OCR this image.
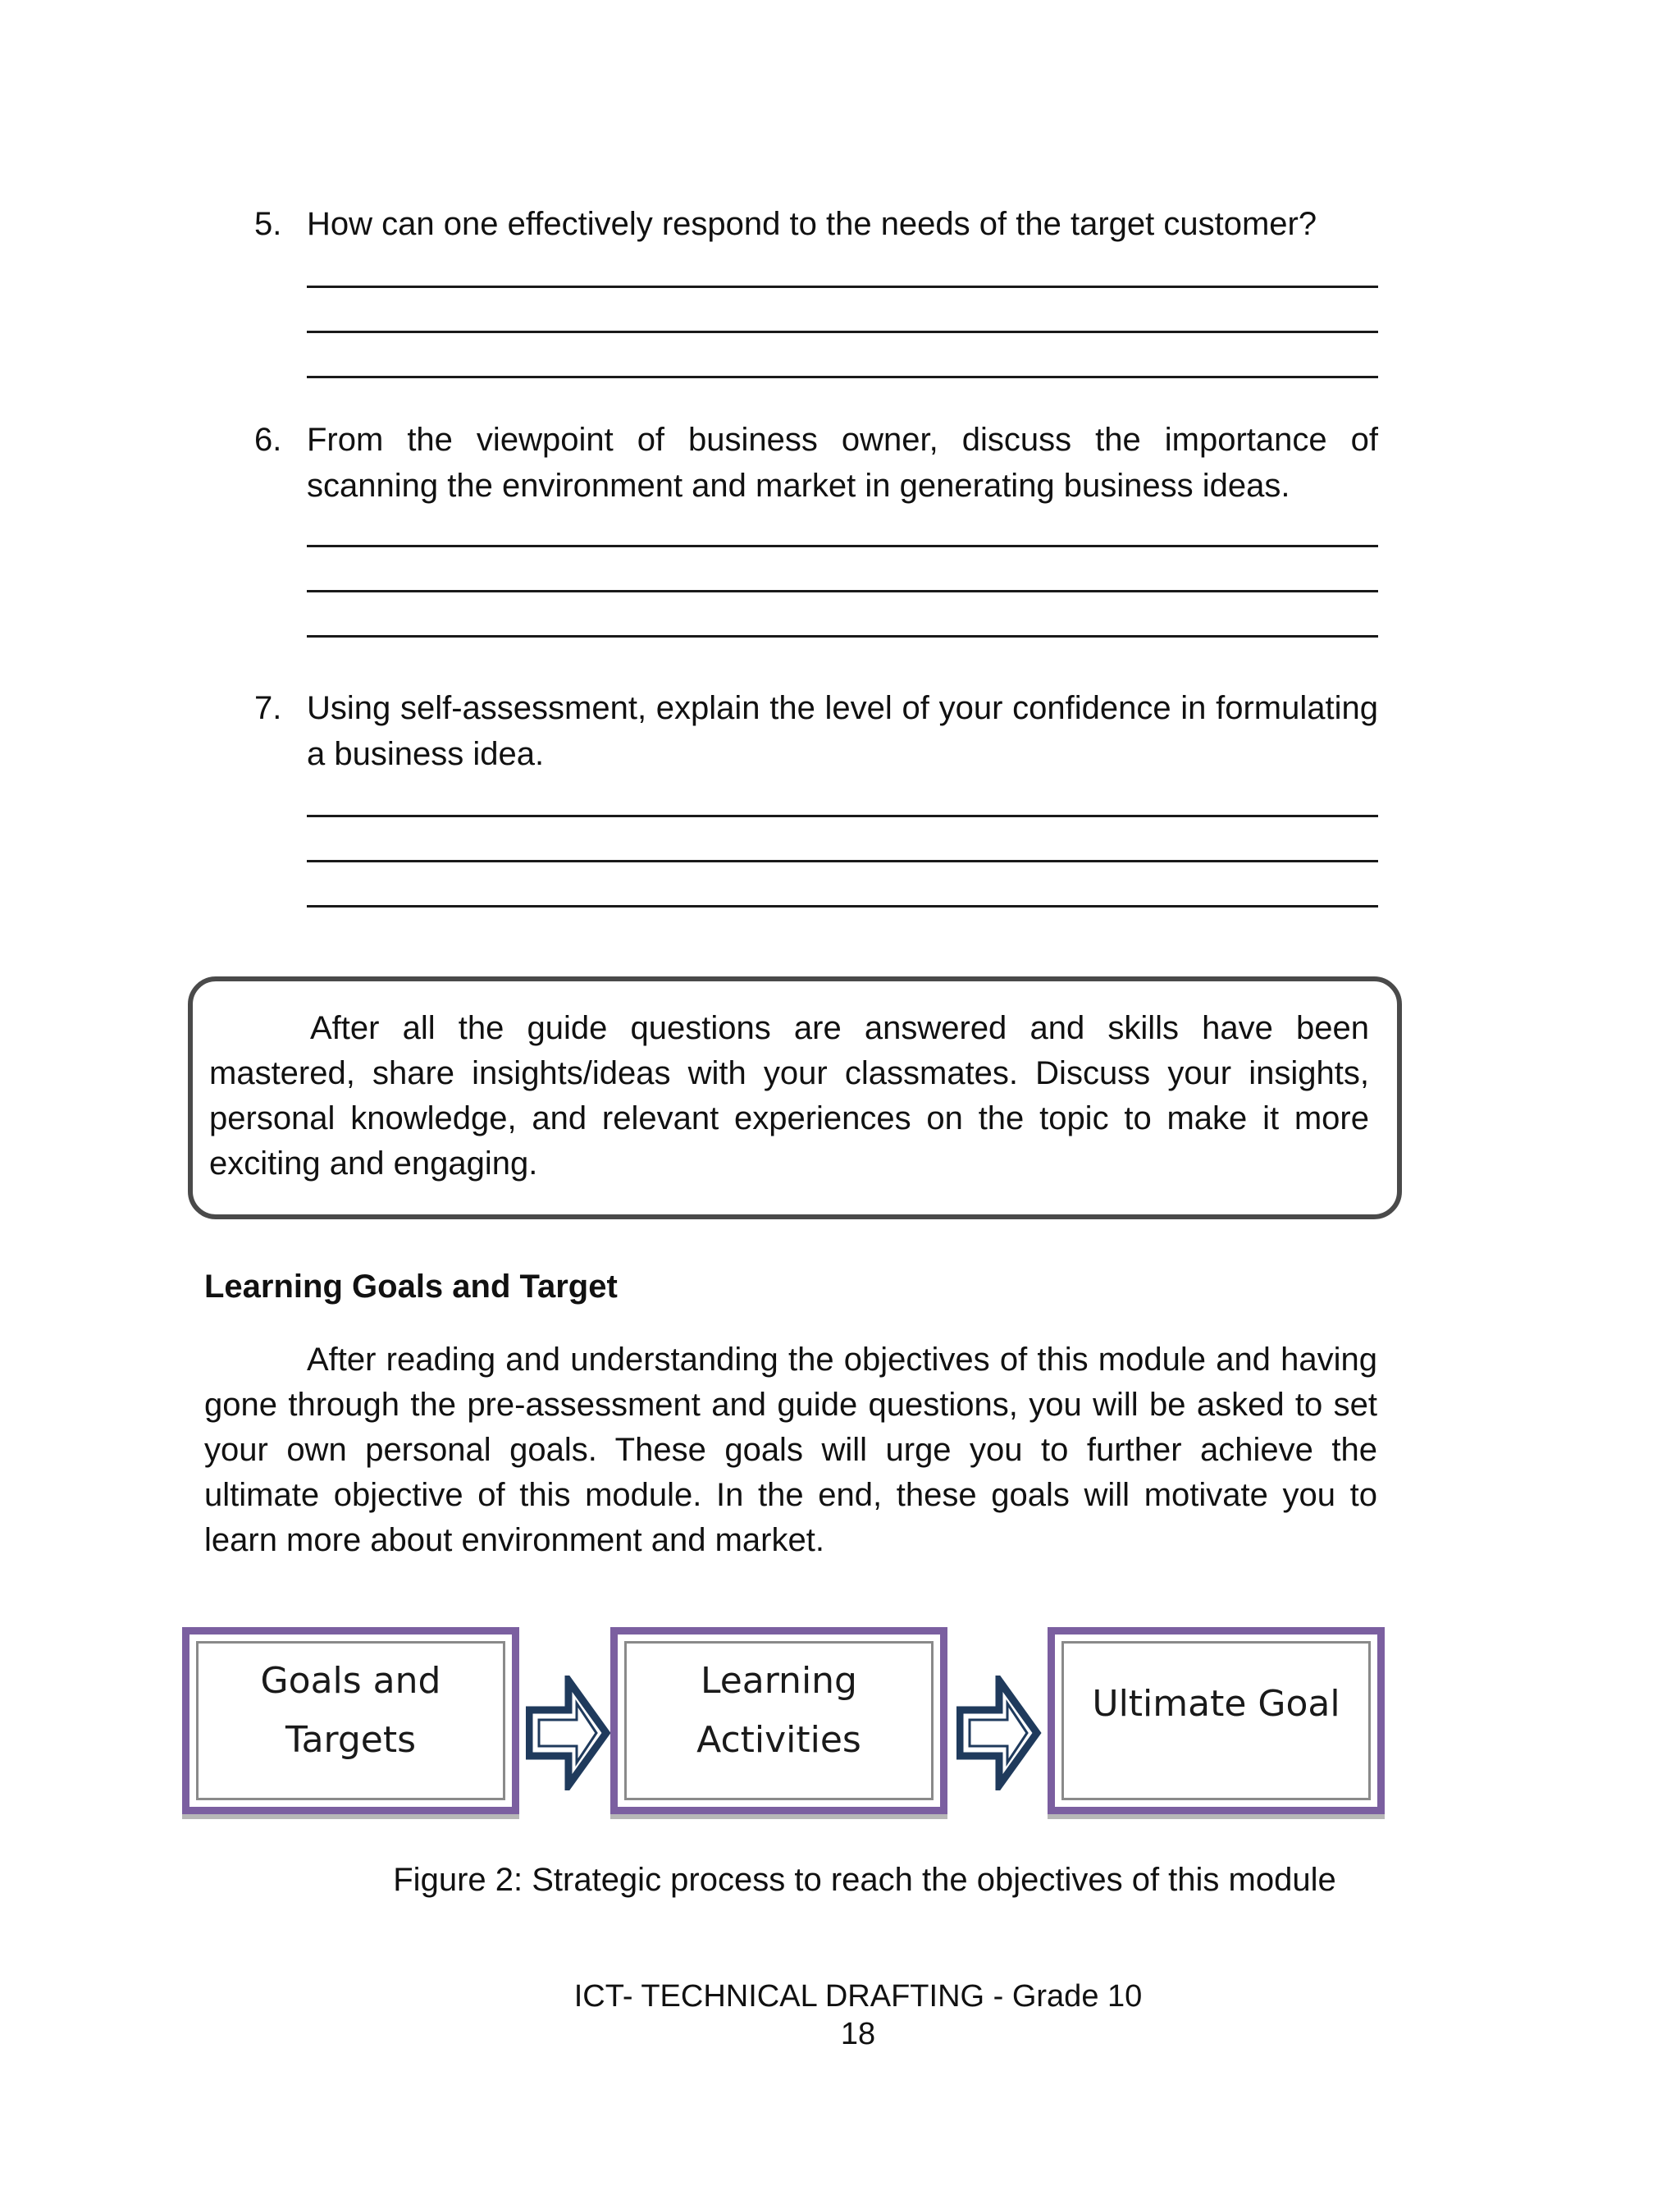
5. How can one effectively respond to the needs of the target customer?
6. From the viewpoint of business owner, discuss the importance of scanning the environment and market in generating business ideas.
7. Using self-assessment, explain the level of your confidence in formulating a business idea.
After all the guide questions are answered and skills have been mastered, share insights/ideas with your classmates. Discuss your insights, personal knowledge, and relevant experiences on the topic to make it more exciting and engaging.
Learning Goals and Target
After reading and understanding the objectives of this module and having gone through the pre-assessment and guide questions, you will be asked to set your own personal goals. These goals will urge you to further achieve the ultimate objective of this module. In the end, these goals will motivate you to learn more about environment and market.
Goals and
Targets
Learning
Activities
Ultimate Goal
Figure 2: Strategic process to reach the objectives of this module
ICT- TECHNICAL DRAFTING - Grade 10
18
